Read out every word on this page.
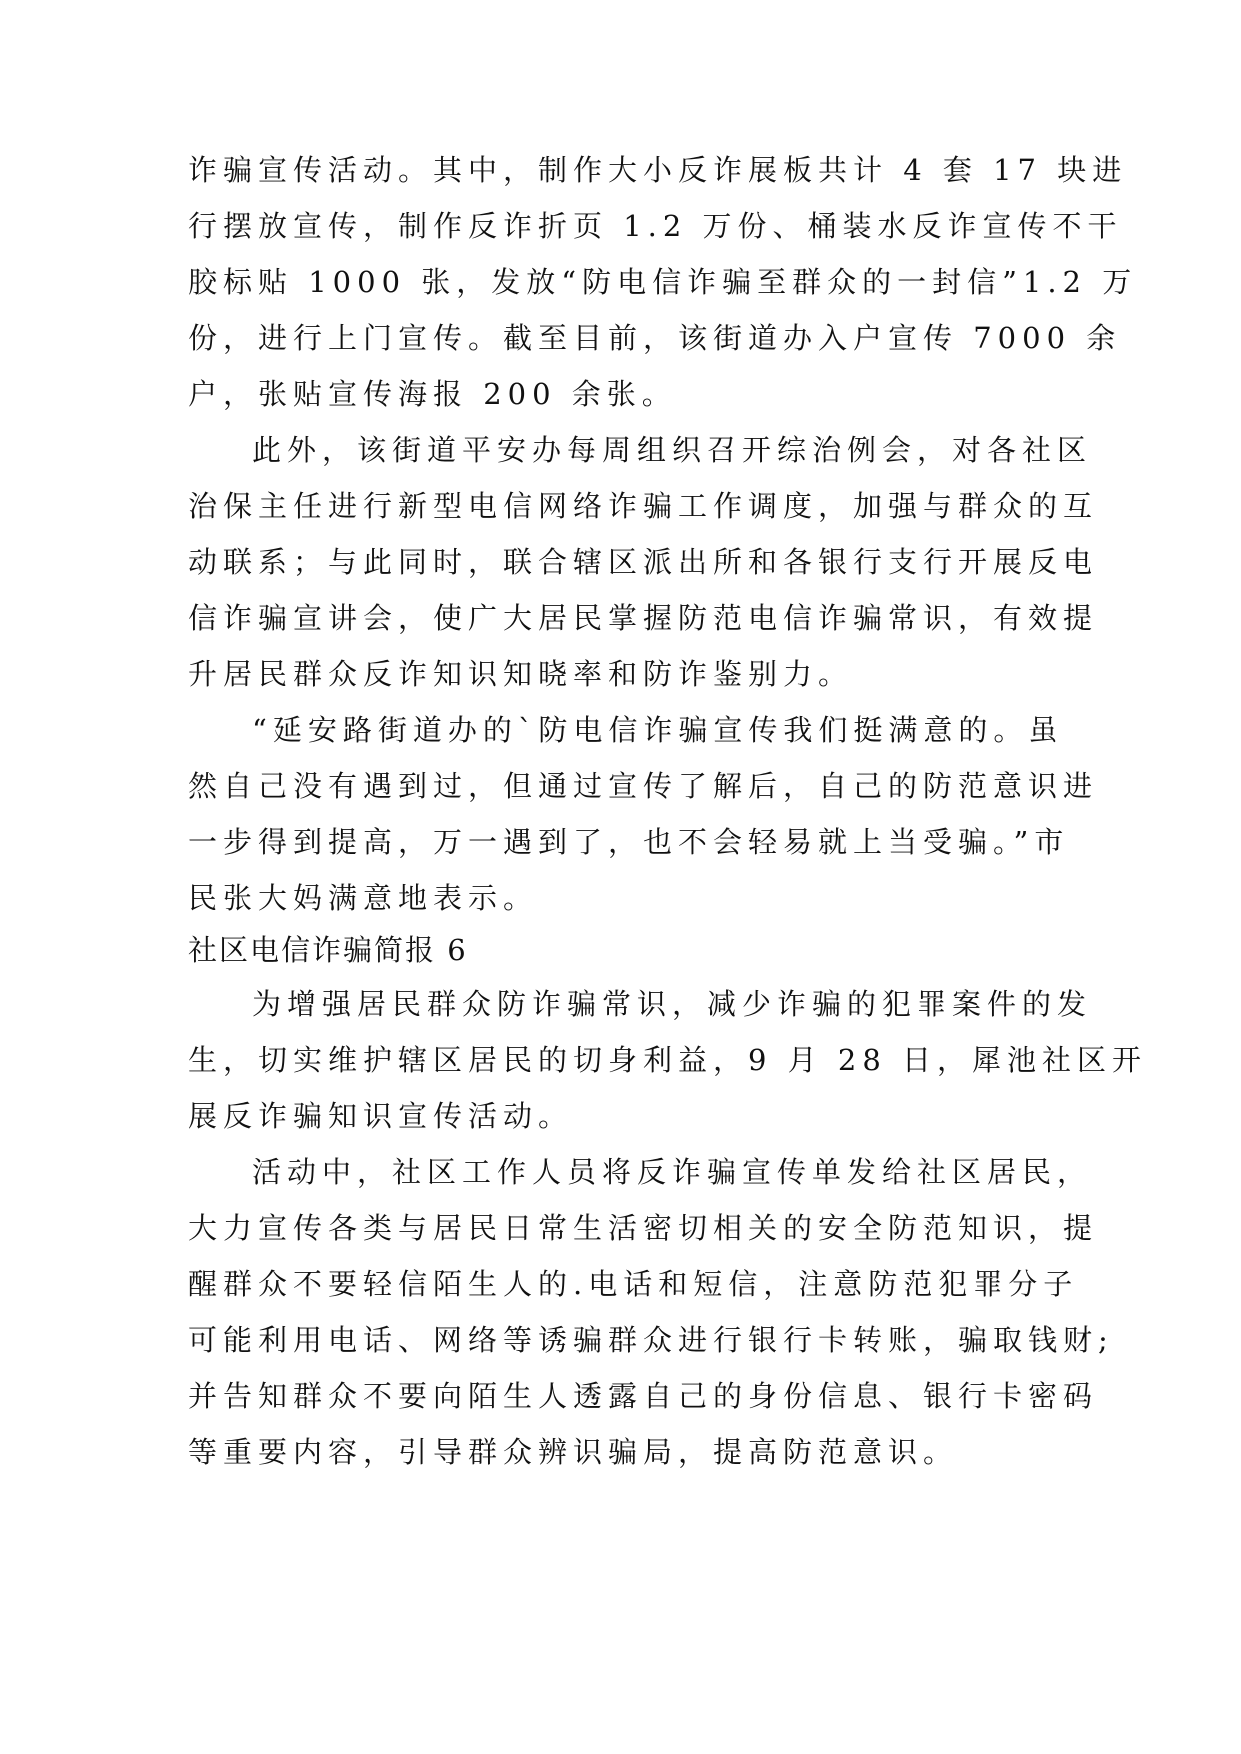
诈骗宣传活动。其中，制作大小反诈展板共计 4 套 17 块进
行摆放宣传，制作反诈折页 1.2 万份、桶装水反诈宣传不干
胶标贴 1000 张，发放“防电信诈骗至群众的一封信”1.2 万
份，进行上门宣传。截至目前，该街道办入户宣传 7000 余
户，张贴宣传海报 200 余张。
此外，该街道平安办每周组织召开综治例会，对各社区
治保主任进行新型电信网络诈骗工作调度，加强与群众的互
动联系；与此同时，联合辖区派出所和各银行支行开展反电
信诈骗宣讲会，使广大居民掌握防范电信诈骗常识，有效提
升居民群众反诈知识知晓率和防诈鉴别力。
“延安路街道办的`防电信诈骗宣传我们挺满意的。虽
然自己没有遇到过，但通过宣传了解后，自己的防范意识进
一步得到提高，万一遇到了，也不会轻易就上当受骗。”市
民张大妈满意地表示。
社区电信诈骗简报 6
为增强居民群众防诈骗常识，减少诈骗的犯罪案件的发
生，切实维护辖区居民的切身利益，9 月 28 日，犀池社区开
展反诈骗知识宣传活动。
活动中，社区工作人员将反诈骗宣传单发给社区居民，
大力宣传各类与居民日常生活密切相关的安全防范知识，提
醒群众不要轻信陌生人的.电话和短信，注意防范犯罪分子
可能利用电话、网络等诱骗群众进行银行卡转账，骗取钱财;
并告知群众不要向陌生人透露自己的身份信息、银行卡密码
等重要内容，引导群众辨识骗局，提高防范意识。
